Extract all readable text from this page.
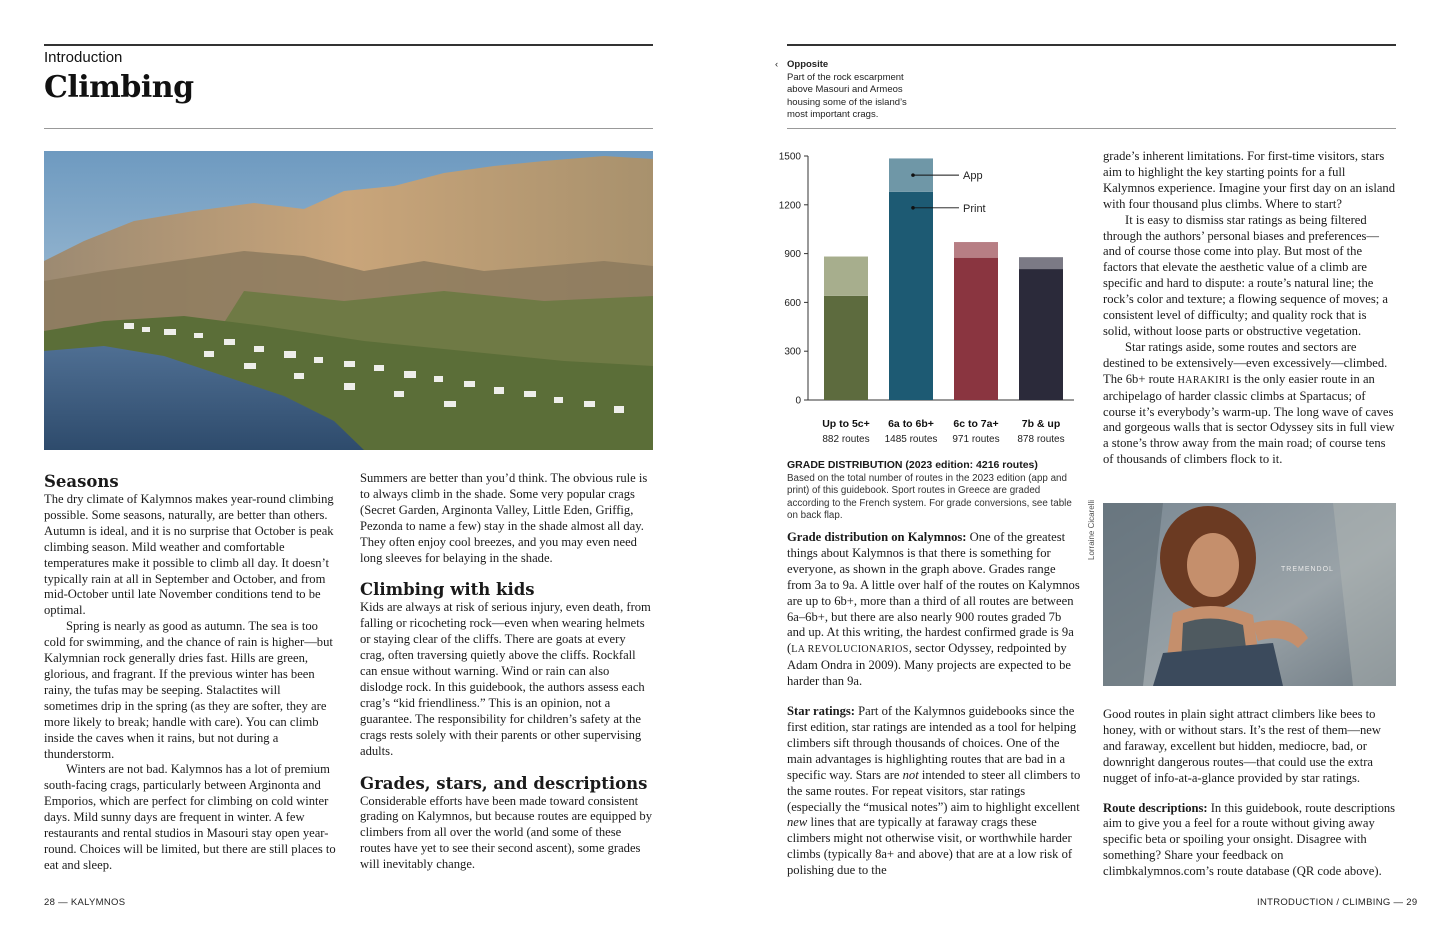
Introduction
Climbing
Seasons

The dry climate of Kalymnos makes year-round climbing possible. Some seasons, naturally, are better than others. Autumn is ideal, and it is no surprise that October is peak climbing season. Mild weather and comfortable temperatures make it possible to climb all day. It doesn’t typically rain at all in September and October, and from mid-October until late November conditions tend to be optimal.

Spring is nearly as good as autumn. The sea is too cold for swimming, and the chance of rain is higher—but Kalymnian rock generally dries fast. Hills are green, glorious, and fragrant. If the previous winter has been rainy, the tufas may be seeping. Stalactites will sometimes drip in the spring (as they are softer, they are more likely to break; handle with care). You can climb inside the caves when it rains, but not during a thunderstorm.

Winters are not bad. Kalymnos has a lot of premium south-facing crags, particularly between Arginonta and Emporios, which are perfect for climbing on cold winter days. Mild sunny days are frequent in winter. A few restaurants and rental studios in Masouri stay open year-round. Choices will be limited, but there are still places to eat and sleep.

Summers are better than you’d think. The obvious rule is to always climb in the shade. Some very popular crags (Secret Garden, Arginonta Valley, Little Eden, Griffig, Pezonda to name a few) stay in the shade almost all day. They often enjoy cool breezes, and you may even need long sleeves for belaying in the shade.

Climbing with kids

Kids are always at risk of serious injury, even death, from falling or ricocheting rock—even when wearing helmets or staying clear of the cliffs. There are goats at every crag, often traversing quietly above the cliffs. Rockfall can ensue without warning. Wind or rain can also dislodge rock. In this guidebook, the authors assess each crag’s “kid friendliness.” This is an opinion, not a guarantee. The responsibility for children’s safety at the crags rests solely with their parents or other supervising adults.

Grades, stars, and descriptions

Considerable efforts have been made toward consistent grading on Kalymnos, but because routes are equipped by climbers from all over the world (and some of these routes have yet to see their second ascent), some grades will inevitably change.

28 — KALYMNOS
‹ Opposite
Part of the rock escarpment above Masouri and Armeos housing some of the island’s most important crags.
0
300
600
900
1200
1500
Up to 5c+
882 routes
6a to 6b+
1485 routes
6c to 7a+
971 routes
7b & up
878 routes
App
Print
GRADE DISTRIBUTION (2023 edition: 4216 routes)
Based on the total number of routes in the 2023 edition (app and print) of this guidebook. Sport routes in Greece are graded according to the French system. For grade conversions, see table on back flap.

Grade distribution on Kalymnos: One of the greatest things about Kalymnos is that there is something for everyone, as shown in the graph above. Grades range from 3a to 9a. A little over half of the routes on Kalymnos are up to 6b+, more than a third of all routes are between 6a–6b+, but there are also nearly 900 routes graded 7b and up. At this writing, the hardest confirmed grade is 9a (LA REVOLUCIONARIOS, sector Odyssey, redpointed by Adam Ondra in 2009). Many projects are expected to be harder than 9a.

Star ratings: Part of the Kalymnos guidebooks since the first edition, star ratings are intended as a tool for helping climbers sift through thousands of choices. One of the main advantages is highlighting routes that are bad in a specific way. Stars are not intended to steer all climbers to the same routes. For repeat visitors, star ratings (especially the “musical notes”) aim to highlight excellent new lines that are typically at faraway crags these climbers might not otherwise visit, or worthwhile harder climbs (typically 8a+ and above) that are at a low risk of polishing due to the

grade’s inherent limitations. For first-time visitors, stars aim to highlight the key starting points for a full Kalymnos experience. Imagine your first day on an island with four thousand plus climbs. Where to start?

It is easy to dismiss star ratings as being filtered through the authors’ personal biases and preferences—and of course those come into play. But most of the factors that elevate the aesthetic value of a climb are specific and hard to dispute: a route’s natural line; the rock’s color and texture; a flowing sequence of moves; a consistent level of difficulty; and quality rock that is solid, without loose parts or obstructive vegetation.

Star ratings aside, some routes and sectors are destined to be extensively—even excessively—climbed. The 6b+ route HARAKIRI is the only easier route in an archipelago of harder classic climbs at Spartacus; of course it’s everybody’s warm-up. The long wave of caves and gorgeous walls that is sector Odyssey sits in full view a stone’s throw away from the main road; of course tens of thousands of climbers flock to it.

TREMENDOL
Lorraine Cicarelli

Good routes in plain sight attract climbers like bees to honey, with or without stars. It’s the rest of them—new and faraway, excellent but hidden, mediocre, bad, or downright dangerous routes—that could use the extra nugget of info-at-a-glance provided by star ratings.

Route descriptions: In this guidebook, route descriptions aim to give you a feel for a route without giving away specific beta or spoiling your onsight. Disagree with something? Share your feedback on climbkalymnos.com’s route database (QR code above).

INTRODUCTION / CLIMBING — 29
